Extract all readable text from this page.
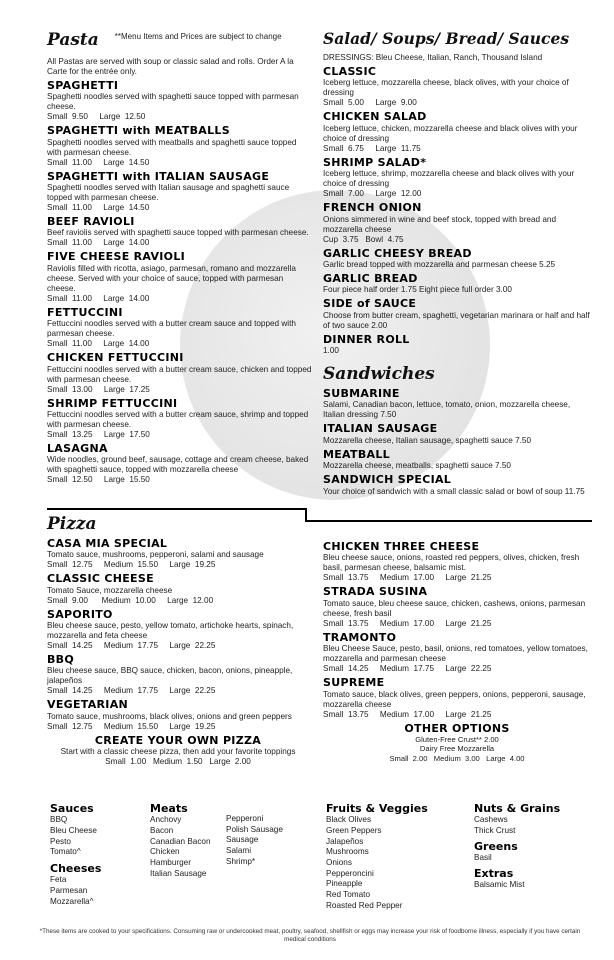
Pasta **Menu Items and Prices are subject to change
All Pastas are served with soup or classic salad and rolls. Order A la Carte for the entrée only.
SPAGHETTI
Spaghetti noodles served with spaghetti sauce topped with parmesan cheese.
Small  9.50     Large  12.50
SPAGHETTI with MEATBALLS
Spaghetti noodles served with meatballs and spaghetti sauce topped with parmesan cheese.
Small  11.00     Large  14.50
SPAGHETTI with ITALIAN SAUSAGE
Spaghetti noodles served with Italian sausage and spaghetti sauce topped with parmesan cheese.
Small  11.00     Large  14.50
BEEF RAVIOLI
Beef raviolis served with spaghetti sauce topped with parmesan cheese.
Small  11.00     Large  14.00
FIVE CHEESE RAVIOLI
Raviolis filled with ricotta, asiago, parmesan, romano and mozzarella cheese. Served with your choice of sauce, topped with parmesan cheese.
Small  11.00     Large  14.00
FETTUCCINI
Fettuccini noodles served with a butter cream sauce and topped with parmesan cheese.
Small  11.00     Large  14.00
CHICKEN FETTUCCINI
Fettuccini noodles served with a butter cream sauce, chicken and topped with parmesan cheese.
Small  13.00     Large  17.25
SHRIMP FETTUCCINI
Fettuccini noodles served with a butter cream sauce, shrimp and topped with parmesan cheese.
Small  13.25     Large  17.50
LASAGNA
Wide noodles, ground beef, sausage, cottage and cream cheese, baked with spaghetti sauce, topped with mozzarella cheese
Small  12.50     Large  15.50
Salad/ Soups/ Bread/ Sauces
DRESSINGS: Bleu Cheese, Italian, Ranch, Thousand Island
CLASSIC
Iceberg lettuce, mozzarella cheese, black olives, with your choice of dressing
Small  5.00     Large  9.00
CHICKEN SALAD
Iceberg lettuce, chicken, mozzarella cheese and black olives with your choice of dressing
Small  6.75     Large  11.75
SHRIMP SALAD*
Iceberg lettuce, shrimp, mozzarella cheese and black olives with your choice of dressing
Small  7.00     Large  12.00
FRENCH ONION
Onions simmered in wine and beef stock, topped with bread and mozzarella cheese
Cup  3.75   Bowl  4.75
GARLIC CHEESY BREAD
Garlic bread topped with mozzarella and parmesan cheese 5.25
GARLIC BREAD
Four piece half order 1.75 Eight piece full order 3.00
SIDE of SAUCE
Choose from butter cream, spaghetti, vegetarian marinara or half and half of two sauce 2.00
DINNER ROLL
1.00
Sandwiches
SUBMARINE
Salami, Canadian bacon, lettuce, tomato, onion, mozzarella cheese, Italian dressing 7.50
ITALIAN SAUSAGE
Mozzarella cheese, Italian sausage, spaghetti sauce 7.50
MEATBALL
Mozzarella cheese, meatballs, spaghetti sauce 7.50
SANDWICH SPECIAL
Your choice of sandwich with a small classic salad or bowl of soup 11.75
Pizza
CASA MIA SPECIAL
Tomato sauce, mushrooms, pepperoni, salami and sausage
Small  12.75     Medium  15.50     Large  19.25
CLASSIC CHEESE
Tomato Sauce, mozzarella cheese
Small  9.00      Medium  10.00     Large  12.00
SAPORITO
Bleu cheese sauce, pesto, yellow tomato, artichoke hearts, spinach, mozzarella and feta cheese
Small  14.25     Medium  17.75     Large  22.25
BBQ
Bleu cheese sauce, BBQ sauce, chicken, bacon, onions, pineapple, jalapeños
Small  14.25     Medium  17.75     Large  22.25
VEGETARIAN
Tomato sauce, mushrooms, black olives, onions and green peppers
Small  12.75     Medium  15.50     Large  19.25
CREATE YOUR OWN PIZZA
Start with a classic cheese pizza, then add your favorite toppings
Small  1.00   Medium  1.50   Large  2.00
CHICKEN THREE CHEESE
Bleu cheese sauce, onions, roasted red peppers, olives, chicken, fresh basil, parmesan cheese, balsamic mist.
Small  13.75     Medium  17.00     Large  21.25
STRADA SUSINA
Tomato sauce, bleu cheese sauce, chicken, cashews, onions, parmesan cheese, fresh basil
Small  13.75     Medium  17.00     Large  21.25
TRAMONTO
Bleu Cheese Sauce, pesto, basil, onions, red tomatoes, yellow tomatoes, mozzarella and parmesan cheese
Small  14.25     Medium  17.75     Large  22.25
SUPREME
Tomato sauce, black olives, green peppers, onions, pepperoni, sausage, mozzarella cheese
Small  13.75     Medium  17.00     Large  21.25
OTHER OPTIONS
Gluten-Free Crust** 2.00
Dairy Free Mozzarella
Small  2.00   Medium  3.00   Large  4.00
Sauces
BBQ
Bleu Cheese
Pesto
Tomato^
Cheeses
Feta
Parmesan
Mozzarella^
Meats
Anchovy
Bacon
Canadian Bacon
Chicken
Hamburger
Italian Sausage
Pepperoni
Polish Sausage
Sausage
Salami
Shrimp*
Fruits & Veggies
Black Olives
Green Peppers
Jalapeños
Mushrooms
Onions
Pepperoncini
Pineapple
Red Tomato
Roasted Red Pepper
Nuts & Grains
Cashews
Thick Crust
Greens
Basil
Extras
Balsamic Mist
*These items are cooked to your specifications. Consuming raw or undercooked meat, poultry, seafood, shellfish or eggs may increase your risk of foodborne illness, especially if you have certain medical conditions
